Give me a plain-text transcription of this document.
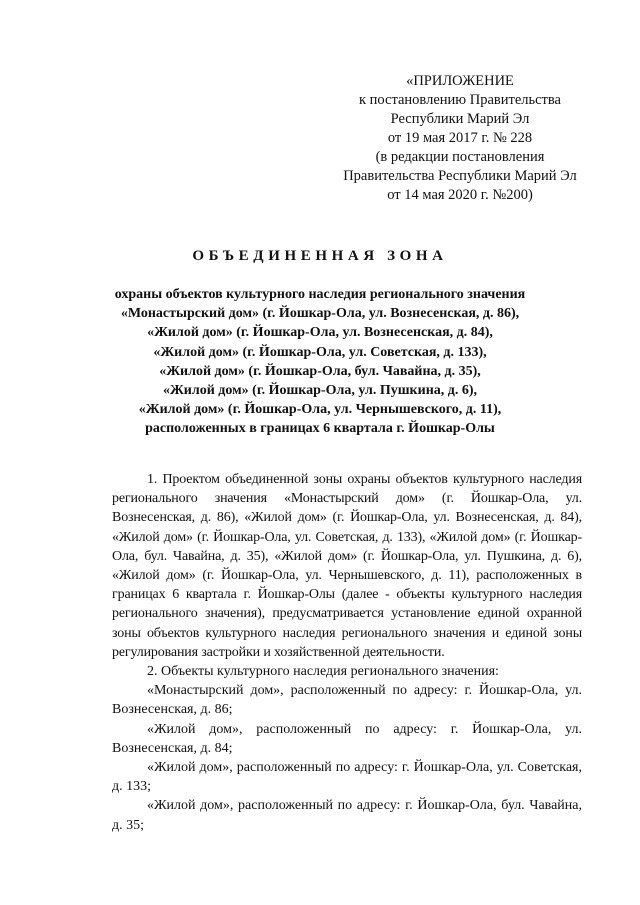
«ПРИЛОЖЕНИЕ
к постановлению Правительства
Республики Марий Эл
от 19 мая 2017 г. № 228
(в редакции постановления
Правительства Республики Марий Эл
от 14 мая 2020 г. №200)
ОБЪЕДИНЕННАЯ ЗОНА
охраны объектов культурного наследия регионального значения
«Монастырский дом» (г. Йошкар-Ола, ул. Вознесенская, д. 86),
«Жилой дом» (г. Йошкар-Ола, ул. Вознесенская, д. 84),
«Жилой дом» (г. Йошкар-Ола, ул. Советская, д. 133),
«Жилой дом» (г. Йошкар-Ола, бул. Чавайна, д. 35),
«Жилой дом» (г. Йошкар-Ола, ул. Пушкина, д. 6),
«Жилой дом» (г. Йошкар-Ола, ул. Чернышевского, д. 11),
расположенных в границах 6 квартала г. Йошкар-Олы

1. Проектом объединенной зоны охраны объектов культурного наследия регионального значения «Монастырский дом» (г. Йошкар-Ола, ул. Вознесенская, д. 86), «Жилой дом» (г. Йошкар-Ола, ул. Вознесенская, д. 84), «Жилой дом» (г. Йошкар-Ола, ул. Советская, д. 133), «Жилой дом» (г. Йошкар-Ола, бул. Чавайна, д. 35), «Жилой дом» (г. Йошкар-Ола, ул. Пушкина, д. 6), «Жилой дом» (г. Йошкар-Ола, ул. Чернышевского, д. 11), расположенных в границах 6 квартала г. Йошкар-Олы (далее - объекты культурного наследия регионального значения), предусматривается установление единой охранной зоны объектов культурного наследия регионального значения и единой зоны регулирования застройки и хозяйственной деятельности.

2. Объекты культурного наследия регионального значения:

«Монастырский дом», расположенный по адресу: г. Йошкар-Ола, ул. Вознесенская, д. 86;

«Жилой дом», расположенный по адресу: г. Йошкар-Ола, ул. Вознесенская, д. 84;

«Жилой дом», расположенный по адресу: г. Йошкар-Ола, ул. Советская, д. 133;

«Жилой дом», расположенный по адресу: г. Йошкар-Ола, бул. Чавайна, д. 35;
